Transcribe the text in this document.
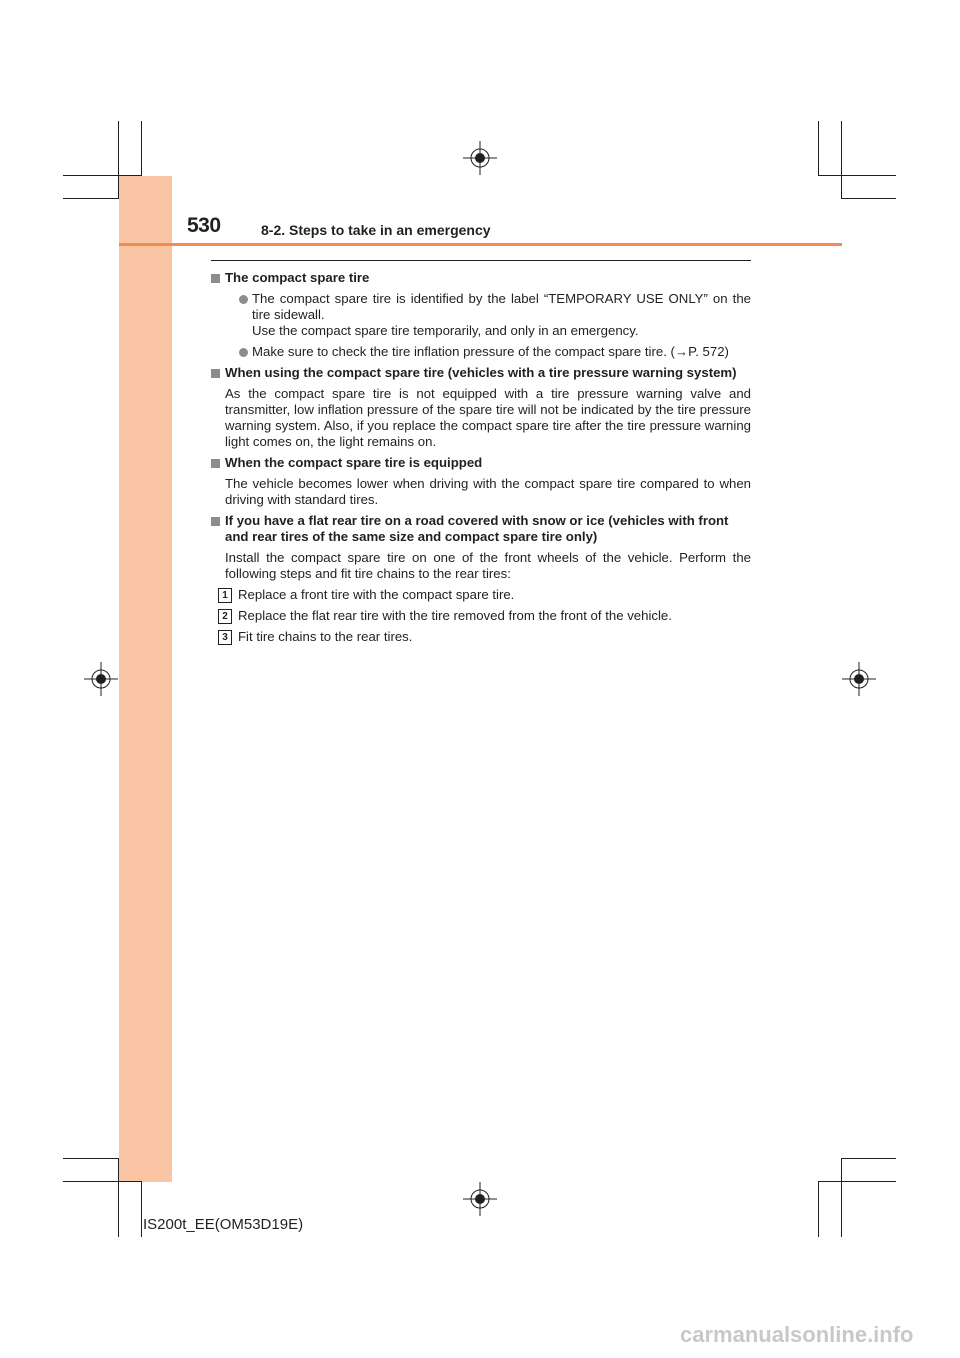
530	8-2. Steps to take in an emergency
The compact spare tire
The compact spare tire is identified by the label “TEMPORARY USE ONLY” on the tire sidewall.
Use the compact spare tire temporarily, and only in an emergency.
Make sure to check the tire inflation pressure of the compact spare tire. (→P. 572)
When using the compact spare tire (vehicles with a tire pressure warning system)
As the compact spare tire is not equipped with a tire pressure warning valve and transmitter, low inflation pressure of the spare tire will not be indicated by the tire pressure warning system. Also, if you replace the compact spare tire after the tire pressure warning light comes on, the light remains on.
When the compact spare tire is equipped
The vehicle becomes lower when driving with the compact spare tire compared to when driving with standard tires.
If you have a flat rear tire on a road covered with snow or ice (vehicles with front and rear tires of the same size and compact spare tire only)
Install the compact spare tire on one of the front wheels of the vehicle. Perform the following steps and fit tire chains to the rear tires:
1 Replace a front tire with the compact spare tire.
2 Replace the flat rear tire with the tire removed from the front of the vehicle.
3 Fit tire chains to the rear tires.
IS200t_EE(OM53D19E)
carmanualsonline.info
